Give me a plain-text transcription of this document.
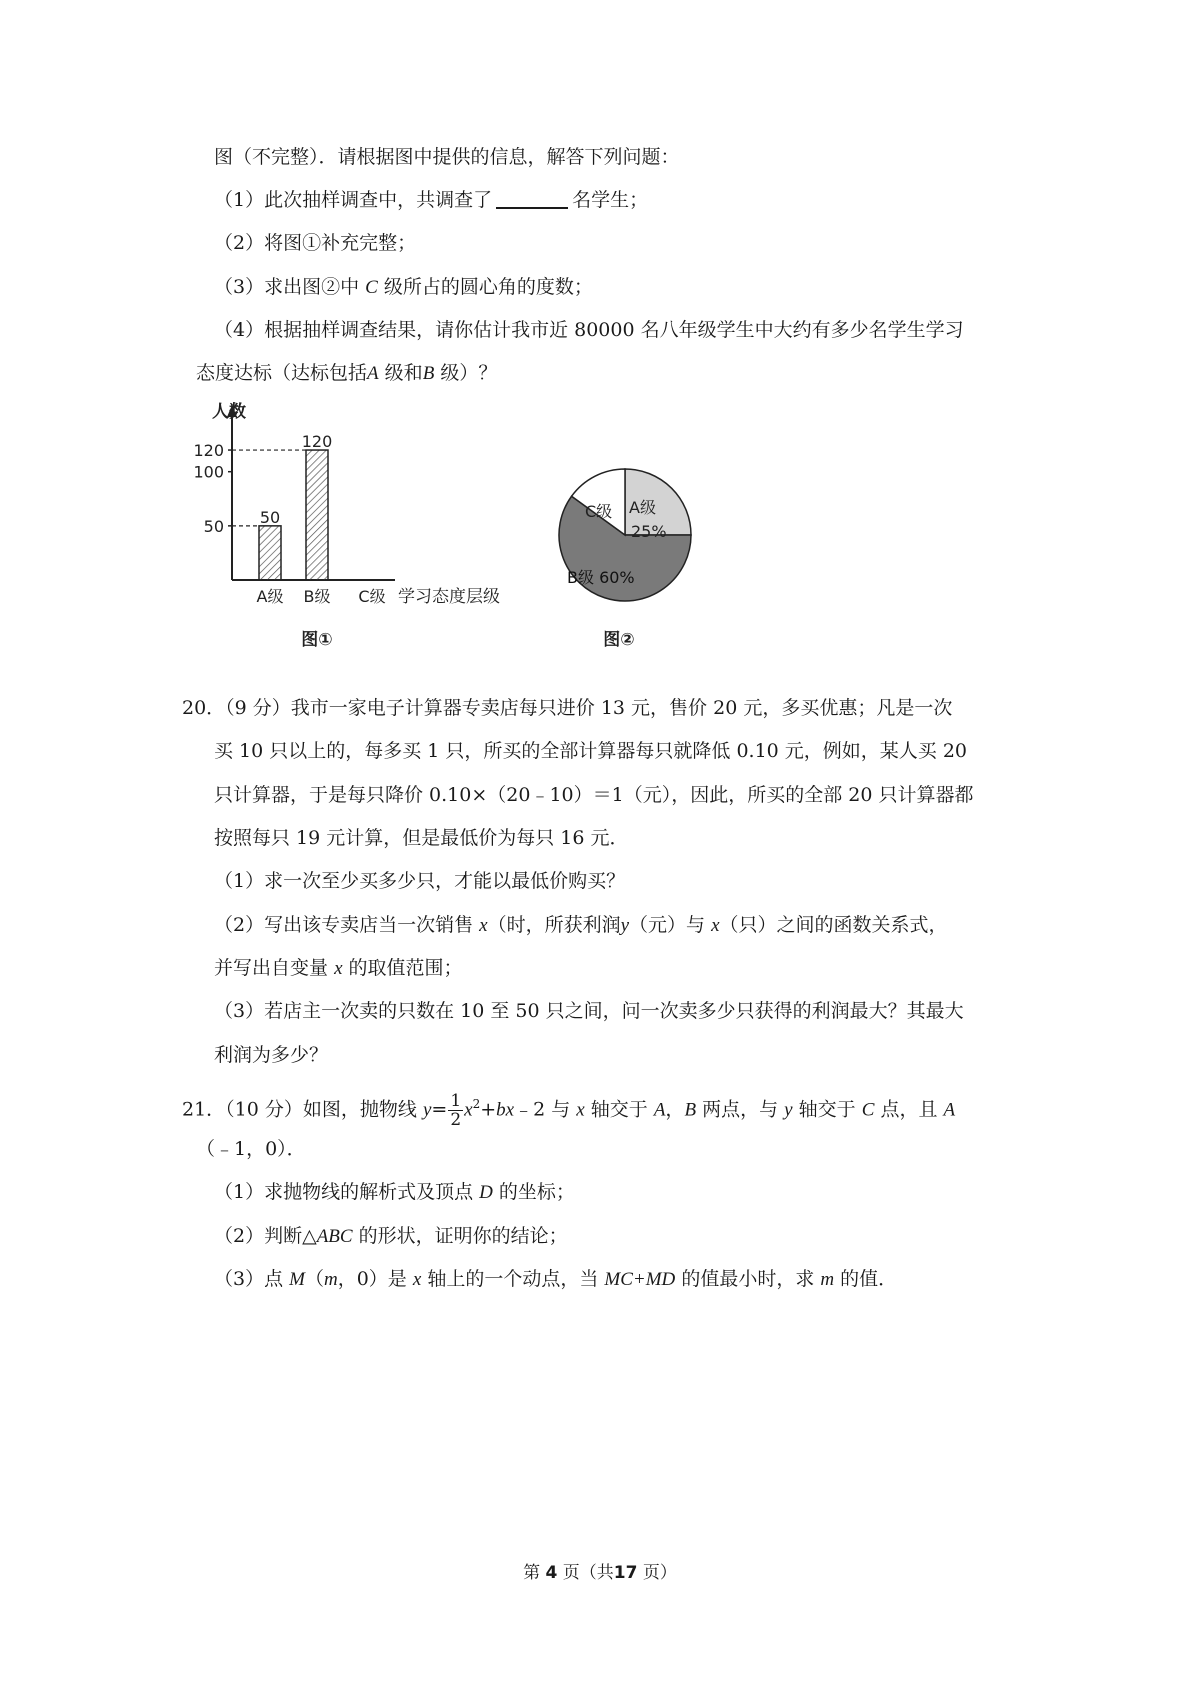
图（不完整）．请根据图中提供的信息，解答下列问题：
（1）此次抽样调查中，共调查了	名学生；
（2）将图①补充完整；
（3）求出图②中 C 级所占的圆心角的度数；
（4）根据抽样调查结果，请你估计我市近 80000 名八年级学生中大约有多少名学生学习
态度达标（达标包括A 级和B 级）？
人数
学习态度层级
50
100
120
A级
50
B级
120
C级
图①
A级
25%
B级 60%
C级
图②
20．（9 分）我市一家电子计算器专卖店每只进价 13 元，售价 20 元，多买优惠；凡是一次
买 10 只以上的，每多买 1 只，所买的全部计算器每只就降低 0.10 元，例如，某人买 20
只计算器，于是每只降价 0.10×（20﹣10）＝1（元），因此，所买的全部 20 只计算器都
按照每只 19 元计算，但是最低价为每只 16 元．
（1）求一次至少买多少只，才能以最低价购买？
（2）写出该专卖店当一次销售 x（时，所获利润y（元）与 x（只）之间的函数关系式，
并写出自变量 x 的取值范围；
（3）若店主一次卖的只数在 10 至 50 只之间，问一次卖多少只获得的利润最大？其最大
利润为多少？
21．（10 分）如图，抛物线 $y= \frac{1}{2}$ $x^2+bx﹣2$ 与 x 轴交于 A，B 两点，与 y 轴交于 C 点，且 A
（﹣1，0）．
（1）求抛物线的解析式及顶点 D 的坐标；
（2）判断△ABC 的形状，证明你的结论；
（3）点 M（m，0）是 x 轴上的一个动点，当 MC+MD 的值最小时，求 m 的值．
第 4 页（共17 页）
